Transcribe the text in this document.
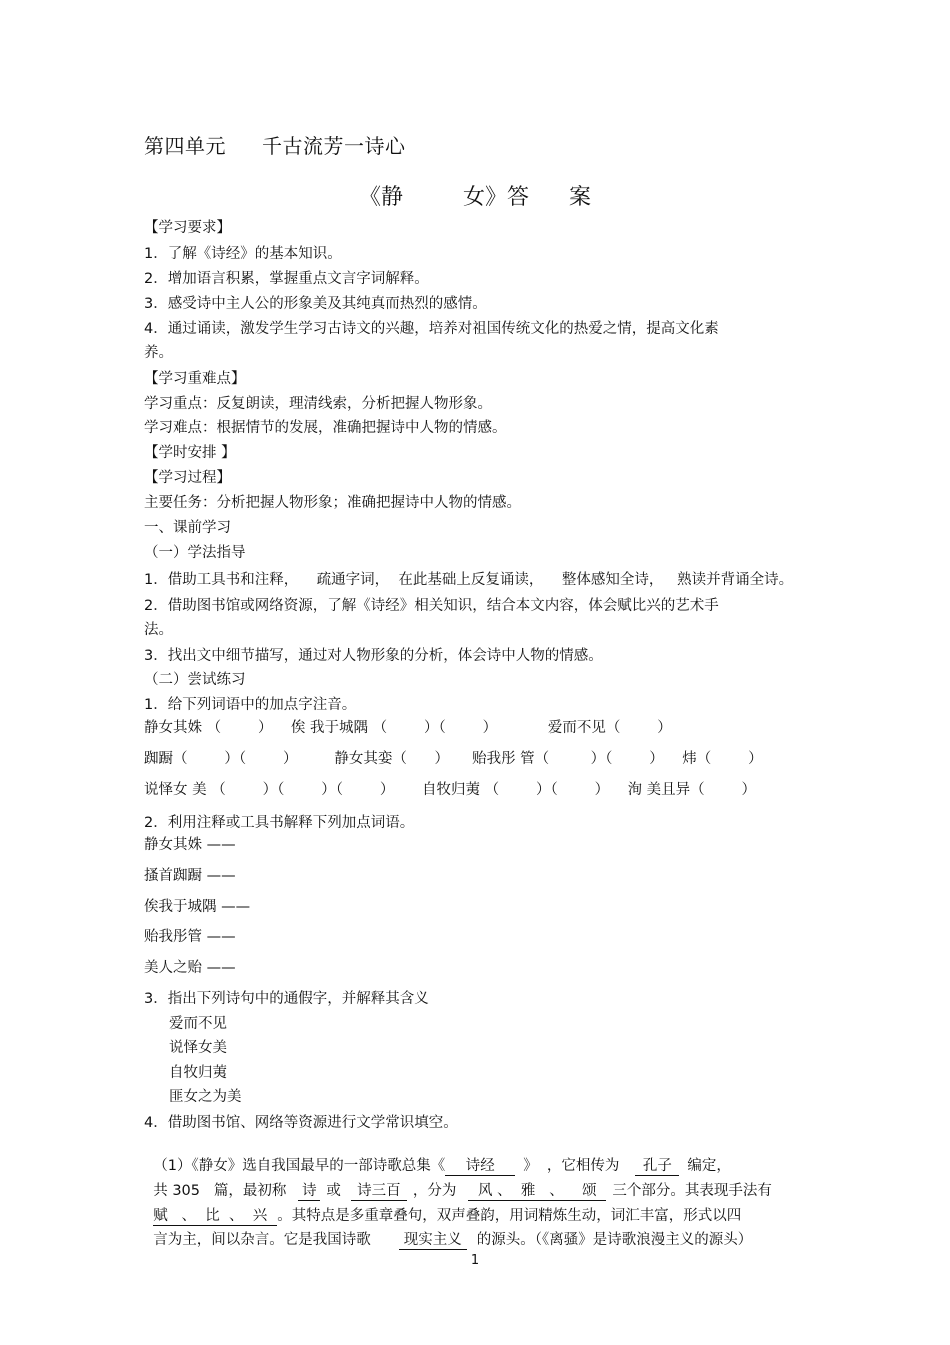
第四单元 千古流芳一诗心
《静	女》答 案
【学习要求】
1．了解《诗经》的基本知识。
2．增加语言积累，掌握重点文言字词解释。
3．感受诗中主人公的形象美及其纯真而热烈的感情。
4．通过诵读，激发学生学习古诗文的兴趣，培养对祖国传统文化的热爱之情，提高文化素
养。
【学习重难点】
学习重点：反复朗读，理清线索，分析把握人物形象。
学习难点：根据情节的发展，准确把握诗中人物的情感。
【学时安排 】
【学习过程】
主要任务：分析把握人物形象；准确把握诗中人物的情感。
一、课前学习
（一）学法指导
1．借助工具书和注释，    疏通字词，  在此基础上反复诵读，    整体感知全诗，   熟读并背诵全诗。
2．借助图书馆或网络资源，了解《诗经》相关知识，结合本文内容，体会赋比兴的艺术手
法。
3．找出文中细节描写，通过对人物形象的分析，体会诗中人物的情感。
（二）尝试练习
1．给下列词语中的加点字注音。
静女其姝 （        ）    俟 我于城隅 （        ）（        ）           爱而不见（        ）
踟蹰（        ）（        ）        静女其娈（      ）     贻我彤 管（         ）（        ）    炜（        ）
说怿女 美 （        ）（        ）（        ）      自牧归荑 （        ）（        ）    洵 美且异（        ）
2．利用注释或工具书解释下列加点词语。
静女其姝 ——
搔首踟蹰 ——
俟我于城隅 ——
贻我彤管 ——
美人之贻 ——
3．指出下列诗句中的通假字，并解释其含义
爱而不见
说怿女美
自牧归荑
匪女之为美
4．借助图书馆、网络等资源进行文学常识填空。

（1）《静女》选自我国最早的一部诗歌总集《 诗经 》  ，它相传为 孔子 编定，

共 305   篇，最初称 诗 或 诗三百 ，分为 风 、  雅   、    颂 三个部分。其表现手法有

赋   、  比  、  兴 。其特点是多重章叠句，双声叠韵，用词精炼生动，词汇丰富，形式以四

言为主，间以杂言。它是我国诗歌 现实主义 的源头。（《离骚》是诗歌浪漫主义的源头）

1
